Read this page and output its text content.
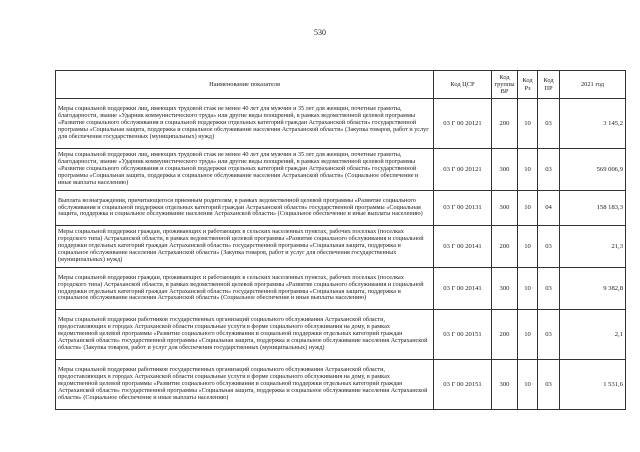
530
Наименование показателя	Код ЦСР	Код группы ВР	Код Рз	Код ПР	2021 год
Меры социальной поддержки лиц, имеющих трудовой стаж не менее 40 лет для мужчин и 35 лет для женщин, почетные грамоты, благодарности, звание «Ударник коммунистического труда» или другие виды поощрений, в рамках ведомственной целевой программы «Развитие социального обслуживания и социальной поддержки отдельных категорий граждан Астраханской области» государственной программы «Социальная защита, поддержка и социальное обслуживание населения Астраханской области» (Закупка товаров, работ и услуг для обеспечения государственных (муниципальных) нужд)	03 Г 00 20121	200	10	03	3 145,2
Меры социальной поддержки лиц, имеющих трудовой стаж не менее 40 лет для мужчин и 35 лет для женщин, почетные грамоты, благодарности, звание «Ударник коммунистического труда» или другие виды поощрений, в рамках ведомственной целевой программы «Развитие социального обслуживания и социальной поддержки отдельных категорий граждан Астраханской области» государственной программы «Социальная защита, поддержка и социальное обслуживание населения Астраханской области» (Социальное обеспечение и иные выплаты населению)	03 Г 00 20121	300	10	03	569 006,9
Выплата вознаграждения, причитающегося приемным родителям, в рамках ведомственной целевой программы «Развитие социального обслуживания и социальной поддержки отдельных категорий граждан Астраханской области» государственной программы «Социальная защита, поддержка и социальное обслуживание населения Астраханской области» (Социальное обеспечение и иные выплаты населению)	03 Г 00 20131	300	10	04	158 183,3
Меры социальной поддержки граждан, проживающих и работающих в сельских населенных пунктах, рабочих поселках (поселках городского типа) Астраханской области, в рамках ведомственной целевой программы «Развитие социального обслуживания и социальной поддержки отдельных категорий граждан Астраханской области» государственной программы «Социальная защита, поддержка и социальное обслуживание населения Астраханской области» (Закупка товаров, работ и услуг для обеспечения государственных (муниципальных) нужд)	03 Г 00 20141	200	10	03	21,3
Меры социальной поддержки граждан, проживающих и работающих в сельских населенных пунктах, рабочих поселках (поселках городского типа) Астраханской области, в рамках ведомственной целевой программы «Развитие социального обслуживания и социальной поддержки отдельных категорий граждан Астраханской области» государственной программы «Социальная защита, поддержка и социальное обслуживание населения Астраханской области» (Социальное обеспечение и иные выплаты населению)	03 Г 00 20141	300	10	03	9 382,8
Меры социальной поддержки работников государственных организаций социального обслуживания Астраханской области, предоставляющих в городах Астраханской области социальные услуги в форме социального обслуживания на дому, в рамках ведомственной целевой программы «Развитие социального обслуживания и социальной поддержки отдельных категорий граждан Астраханской области» государственной программы «Социальная защита, поддержка и социальное обслуживание населения Астраханской области» (Закупка товаров, работ и услуг для обеспечения государственных (муниципальных) нужд)	03 Г 00 20151	200	10	03	2,1
Меры социальной поддержки работников государственных организаций социального обслуживания Астраханской области, предоставляющих в городах Астраханской области социальные услуги в форме социального обслуживания на дому, в рамках ведомственной целевой программы «Развитие социального обслуживания и социальной поддержки отдельных категорий граждан Астраханской области» государственной программы «Социальная защита, поддержка и социальное обслуживание населения Астраханской области» (Социальное обеспечение и иные выплаты населению)	03 Г 00 20151	300	10	03	1 531,6
